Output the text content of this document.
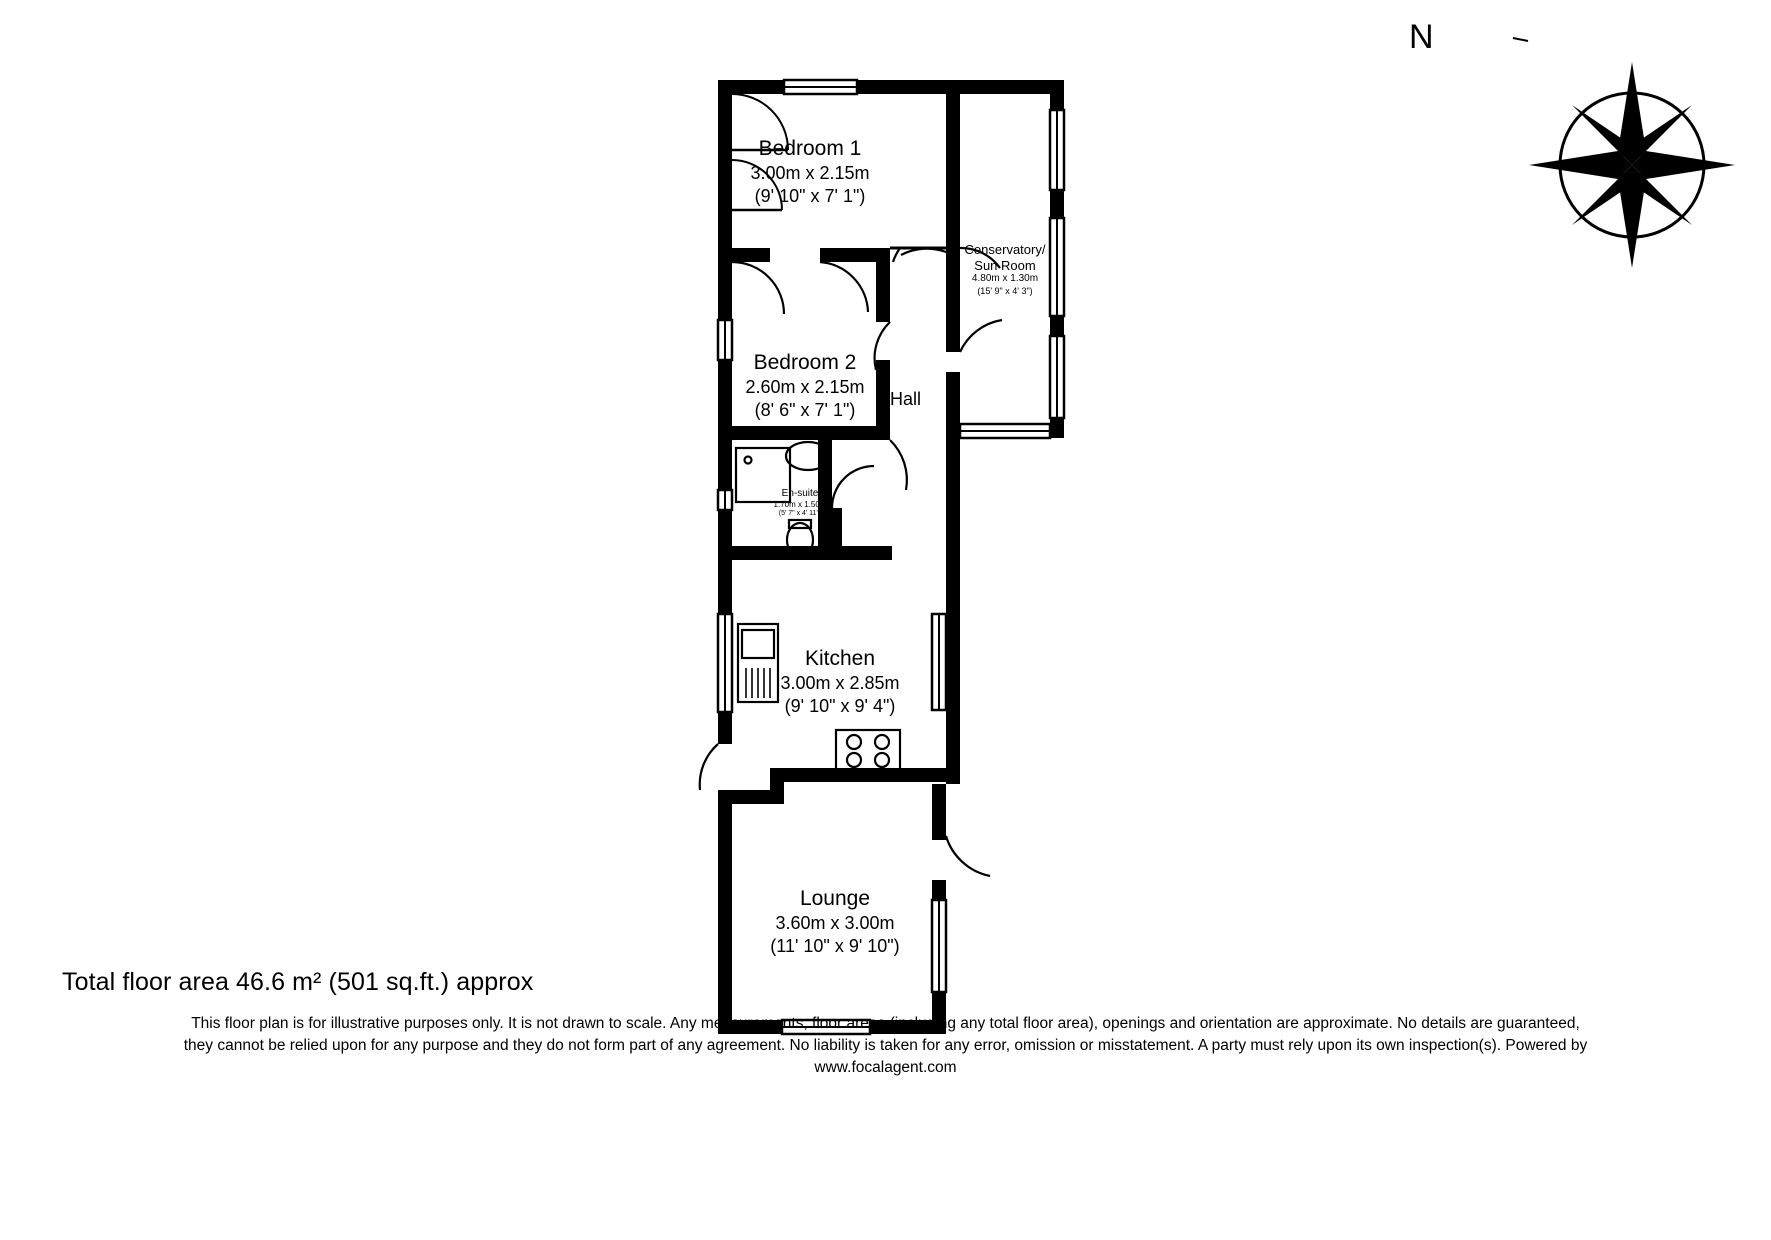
Bedroom 1
3.00m x 2.15m
(9' 10" x 7' 1")
Bedroom 2
2.60m x 2.15m
(8' 6" x 7' 1")
Conservatory/
Sun Room
4.80m x 1.30m
(15' 9" x 4' 3")
En-suite
1.70m x 1.50m
(5' 7" x 4' 11")
Kitchen
3.00m x 2.85m
(9' 10" x 9' 4")
Lounge
3.60m x 3.00m
(11' 10" x 9' 10")
Hall
N
Total floor area 46.6 m² (501 sq.ft.) approx
This floor plan is for illustrative purposes only. It is not drawn to scale. Any measurements, floor areas (including any total floor area), openings and orientation are approximate. No details are guaranteed,
they cannot be relied upon for any purpose and they do not form part of any agreement. No liability is taken for any error, omission or misstatement. A party must rely upon its own inspection(s). Powered by
www.focalagent.com
